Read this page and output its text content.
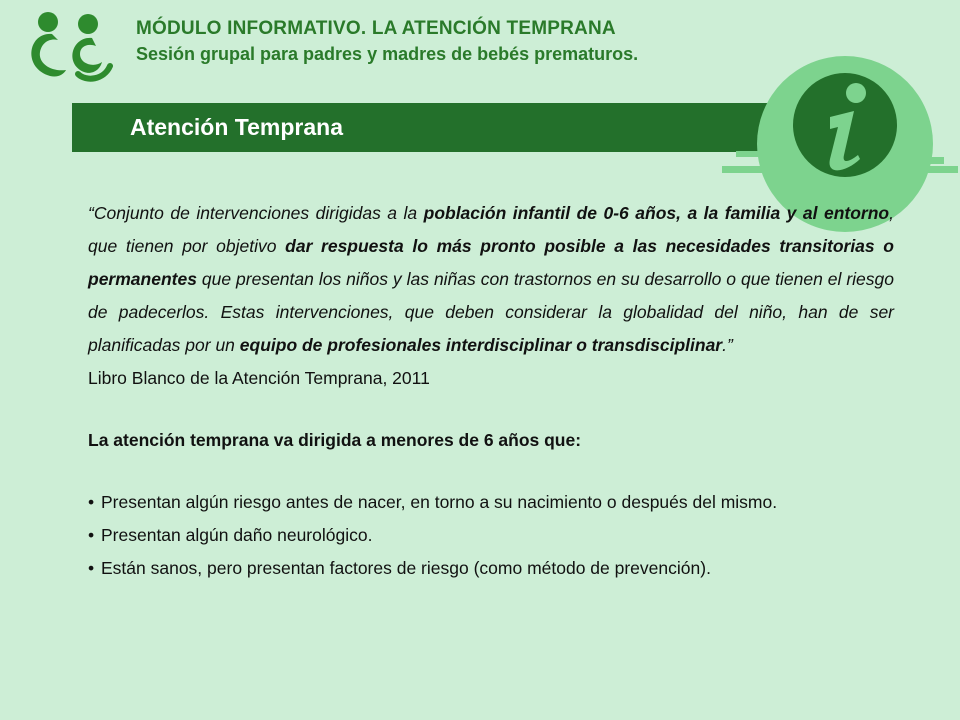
MÓDULO INFORMATIVO. LA ATENCIÓN TEMPRANA
Sesión grupal para padres y madres de bebés prematuros.
Atención Temprana

“Conjunto de intervenciones dirigidas a la población infantil de 0-6 años, a la familia y al entorno, que tienen por objetivo dar respuesta lo más pronto posible a las necesidades transitorias o permanentes que presentan los niños y las niñas con trastornos en su desarrollo o que tienen el riesgo de padecerlos. Estas intervenciones, que deben considerar la globalidad del niño, han de ser planificadas por un equipo de profesionales interdisciplinar o transdisciplinar.”

Libro Blanco de la Atención Temprana, 2011

La atención temprana va dirigida a menores de 6 años que:

• Presentan algún riesgo antes de nacer, en torno a su nacimiento o después del mismo.
• Presentan algún daño neurológico.
• Están sanos, pero presentan factores de riesgo (como método de prevención).
